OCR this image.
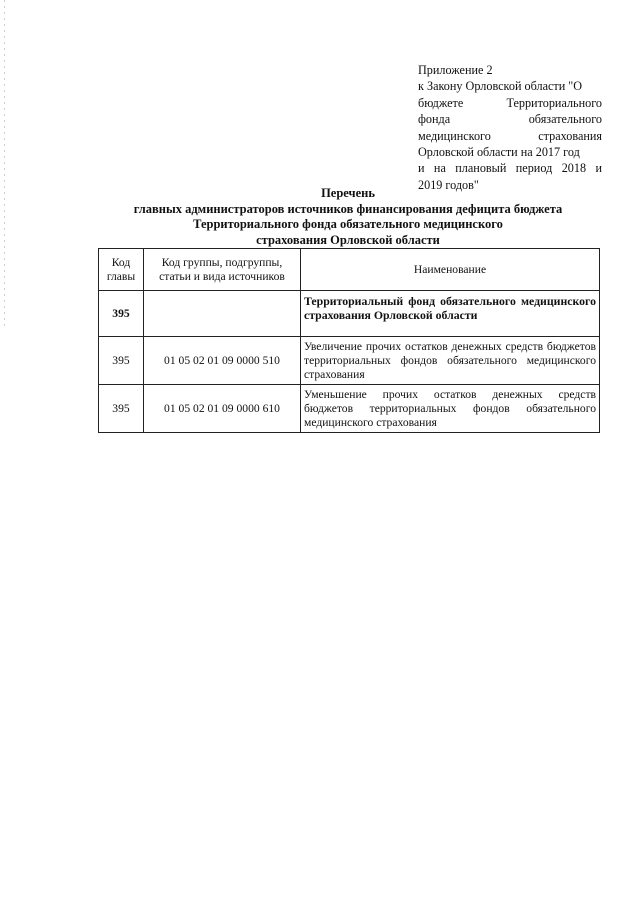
Приложение 2
к Закону Орловской области "О
бюджете Территориального
фонда обязательного
медицинского страхования
Орловской области на 2017 год
и на плановый период 2018 и
2019 годов"
Перечень
главных администраторов источников финансирования дефицита бюджета
Территориального фонда обязательного медицинского
страхования Орловской области
Код главы	Код группы, подгруппы, статьи и вида источников	Наименование
395		Территориальный фонд обязательного медицинского страхования Орловской области
395	01 05 02 01 09 0000 510	Увеличение прочих остатков денежных средств бюджетов территориальных фондов обязательного медицинского страхования
395	01 05 02 01 09 0000 610	Уменьшение прочих остатков денежных средств бюджетов территориальных фондов обязательного медицинского страхования
